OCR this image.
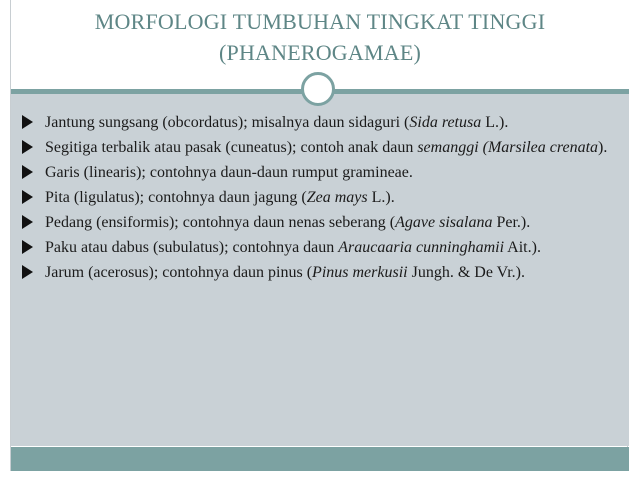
MORFOLOGI TUMBUHAN TINGKAT TINGGI
(PHANEROGAMAE)
Jantung sungsang (obcordatus); misalnya daun sidaguri (Sida retusa L.).
Segitiga terbalik atau pasak (cuneatus); contoh anak daun semanggi (Marsilea crenata).
Garis (linearis); contohnya daun-daun rumput gramineae.
Pita (ligulatus); contohnya daun jagung (Zea mays L.).
Pedang (ensiformis); contohnya daun nenas seberang (Agave sisalana Per.).
Paku atau dabus (subulatus); contohnya daun Araucaaria cunninghamii Ait.).
Jarum (acerosus); contohnya daun pinus (Pinus merkusii Jungh. & De Vr.).
